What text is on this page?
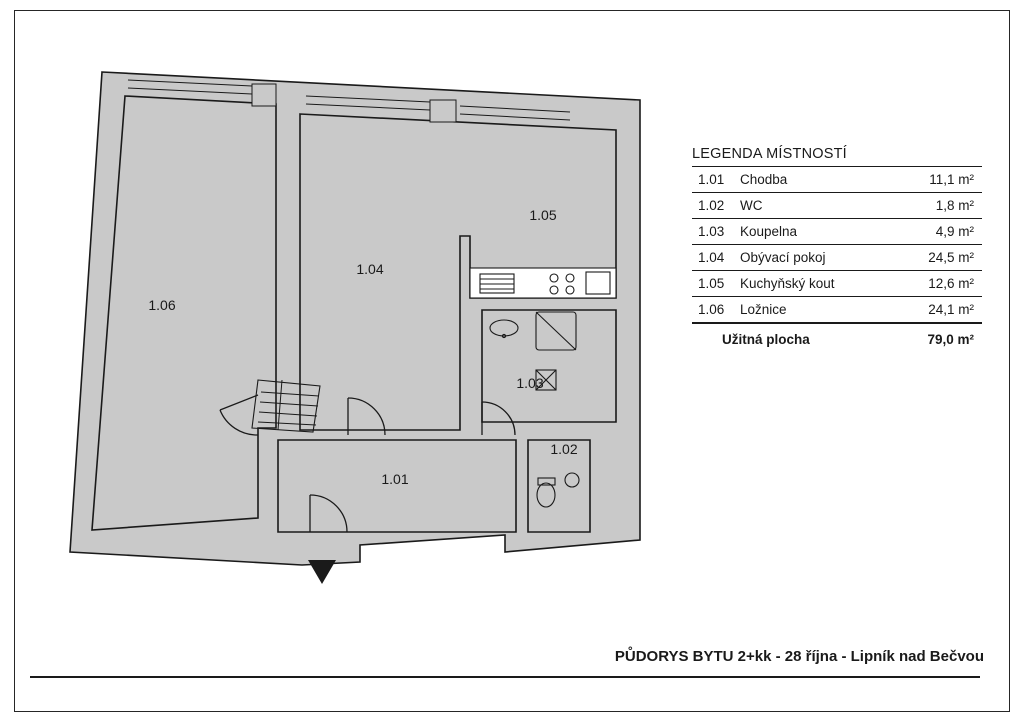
1.06
1.04
1.05
1.03
1.01
1.02
LEGENDA MÍSTNOSTÍ
1.01	Chodba	11,1 m²
1.02	WC	1,8 m²
1.03	Koupelna	4,9 m²
1.04	Obývací pokoj	24,5 m²
1.05	Kuchyňský kout	12,6 m²
1.06	Ložnice	24,1 m²
Užitná plocha		79,0 m²
PŮDORYS BYTU 2+kk - 28 října - Lipník nad Bečvou
